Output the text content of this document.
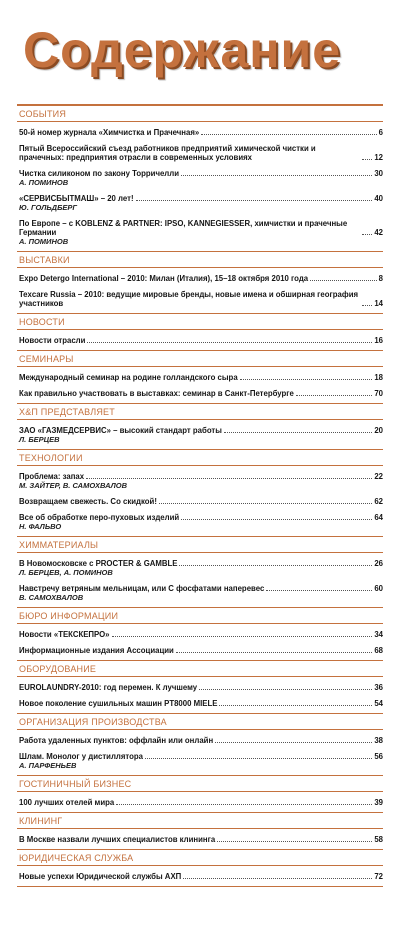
Содержание
СОБЫТИЯ
50-й номер журнала «Химчистка и Прачечная»	6
Пятый Всероссийский съезд работников предприятий химической чистки и прачечных: предприятия отрасли в современных условиях	12
Чистка силиконом по закону Торричелли	30
А. ПОМИНОВ
«СЕРВИСБЫТМАШ» – 20 лет!	40
Ю. ГОЛЬДБЕРГ
По Европе – с KOBLENZ & PARTNER: IPSO, KANNEGIESSER, химчистки и прачечные Германии	42
А. ПОМИНОВ
ВЫСТАВКИ
Expo Detergo International – 2010: Милан (Италия), 15–18 октября 2010 года	8
Texcare Russia – 2010: ведущие мировые бренды, новые имена и обширная география участников	14
НОВОСТИ
Новости отрасли	16
СЕМИНАРЫ
Международный семинар на родине голландского сыра	18
Как правильно участвовать в выставках: семинар в Санкт-Петербурге	70
Х&П ПРЕДСТАВЛЯЕТ
ЗАО «ГАЗМЕДСЕРВИС» – высокий стандарт работы	20
Л. БЕРЦЕВ
ТЕХНОЛОГИИ
Проблема: запах	22
М. ЗАЙТЕР, В. САМОХВАЛОВ
Возвращаем свежесть. Со скидкой!	62
Все об обработке перо-пуховых изделий	64
Н. ФАЛЬВО
ХИММАТЕРИАЛЫ
В Новомосковске с PROCTER & GAMBLE	26
Л. БЕРЦЕВ, А. ПОМИНОВ
Навстречу ветряным мельницам, или С фосфатами наперевес	60
В. САМОХВАЛОВ
БЮРО ИНФОРМАЦИИ
Новости «ТЕКСКЕПРО»	34
Информационные издания Ассоциации	68
ОБОРУДОВАНИЕ
EUROLAUNDRY-2010: год перемен. К лучшему	36
Новое поколение сушильных машин PT8000 MIELE	54
ОРГАНИЗАЦИЯ ПРОИЗВОДСТВА
Работа удаленных пунктов: оффлайн или онлайн	38
Шлам. Монолог у дистиллятора	56
А. ПАРФЕНЬЕВ
ГОСТИНИЧНЫЙ БИЗНЕС
100 лучших отелей мира	39
КЛИНИНГ
В Москве назвали лучших специалистов клининга	58
ЮРИДИЧЕСКАЯ СЛУЖБА
Новые успехи Юридической службы АХП	72
